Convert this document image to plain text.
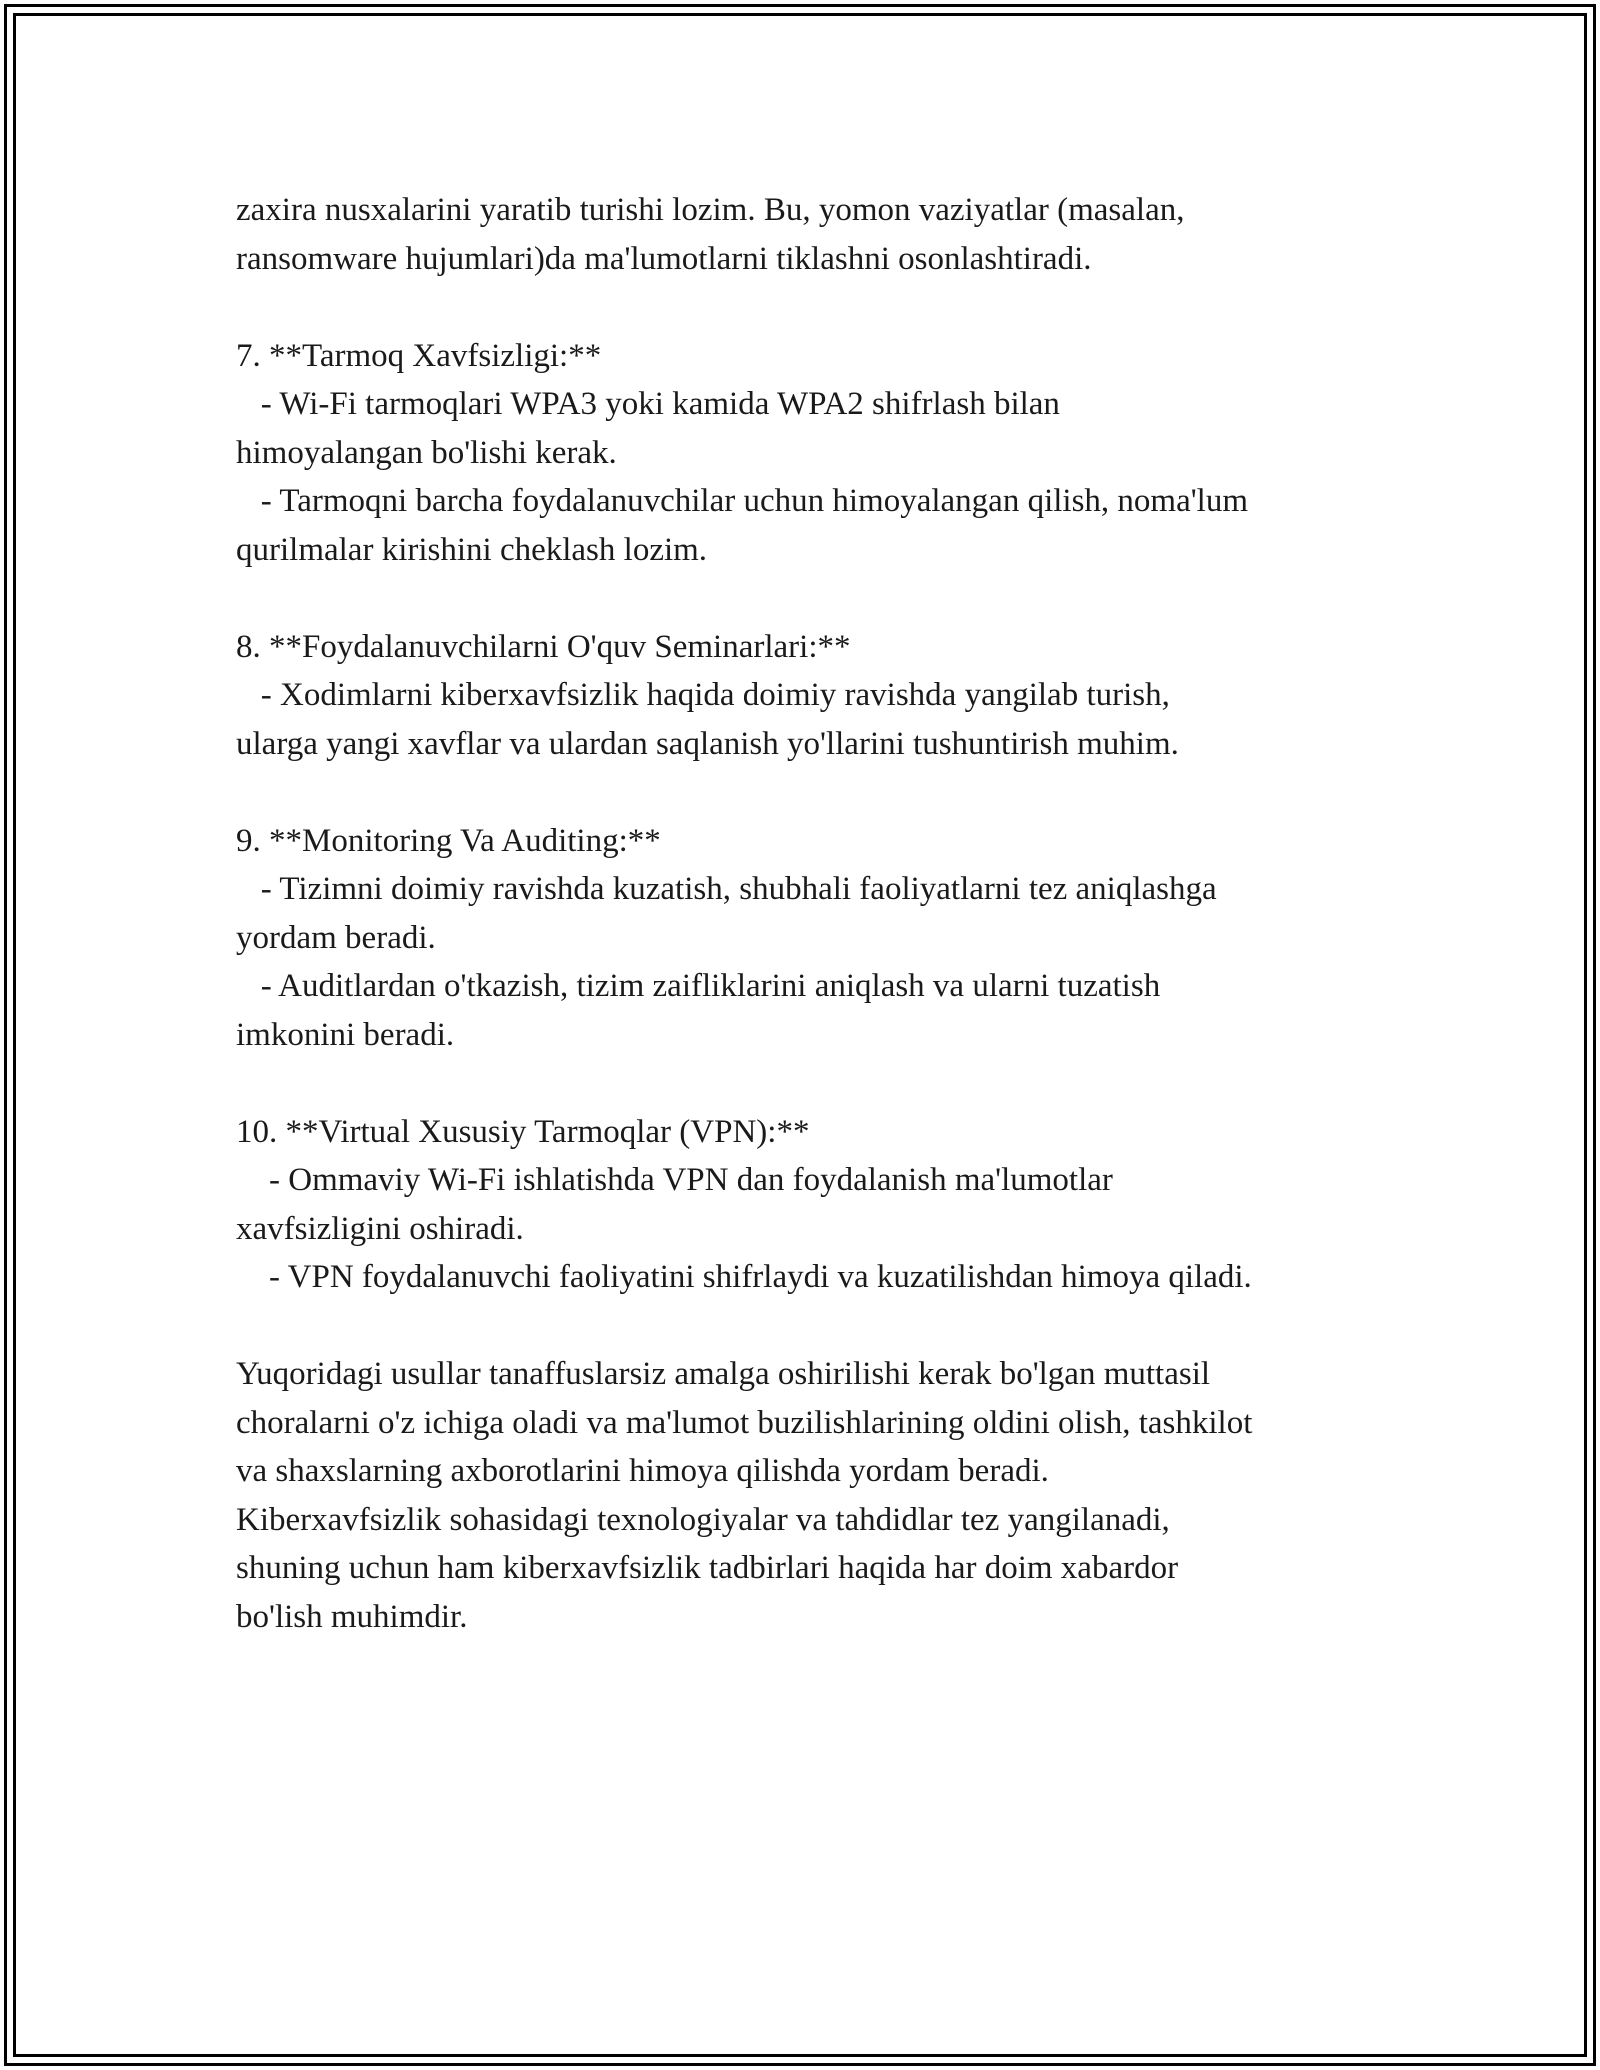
zaxira nusxalarini yaratib turishi lozim. Bu, yomon vaziyatlar (masalan,
ransomware hujumlari)da ma'lumotlarni tiklashni osonlashtiradi.
7. **Tarmoq Xavfsizligi:**
- Wi-Fi tarmoqlari WPA3 yoki kamida WPA2 shifrlash bilan
himoyalangan bo'lishi kerak.
- Tarmoqni barcha foydalanuvchilar uchun himoyalangan qilish, noma'lum
qurilmalar kirishini cheklash lozim.
8. **Foydalanuvchilarni O'quv Seminarlari:**
- Xodimlarni kiberxavfsizlik haqida doimiy ravishda yangilab turish,
ularga yangi xavflar va ulardan saqlanish yo'llarini tushuntirish muhim.
9. **Monitoring Va Auditing:**
- Tizimni doimiy ravishda kuzatish, shubhali faoliyatlarni tez aniqlashga
yordam beradi.
- Auditlardan o'tkazish, tizim zaifliklarini aniqlash va ularni tuzatish
imkonini beradi.
10. **Virtual Xususiy Tarmoqlar (VPN):**
- Ommaviy Wi-Fi ishlatishda VPN dan foydalanish ma'lumotlar
xavfsizligini oshiradi.
- VPN foydalanuvchi faoliyatini shifrlaydi va kuzatilishdan himoya qiladi.
Yuqoridagi usullar tanaffuslarsiz amalga oshirilishi kerak bo'lgan muttasil
choralarni o'z ichiga oladi va ma'lumot buzilishlarining oldini olish, tashkilot
va shaxslarning axborotlarini himoya qilishda yordam beradi.
Kiberxavfsizlik sohasidagi texnologiyalar va tahdidlar tez yangilanadi,
shuning uchun ham kiberxavfsizlik tadbirlari haqida har doim xabardor
bo'lish muhimdir.
